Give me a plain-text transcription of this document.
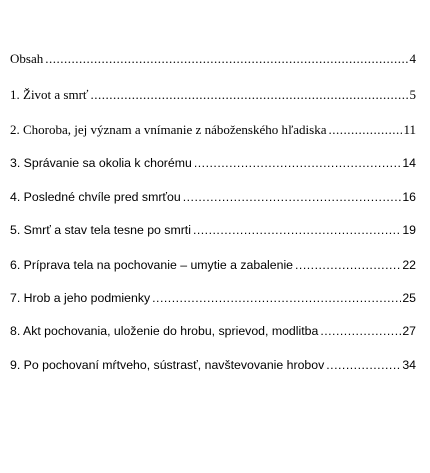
Obsah .....	4
1. Život a smrť .....	5
2. Choroba, jej význam a vnímanie z náboženského hľadiska .....	11
3. Správanie sa okolia k chorému .....	14
4. Posledné chvíle pred smrťou .....	16
5. Smrť a stav tela tesne po smrti .....	19
6. Príprava tela na pochovanie – umytie a zabalenie .....	22
7. Hrob a jeho podmienky .....	25
8. Akt pochovania, uloženie do hrobu, sprievod, modlitba .....	27
9. Po pochovaní mŕtveho, sústrasť, navštevovanie hrobov .....	34
